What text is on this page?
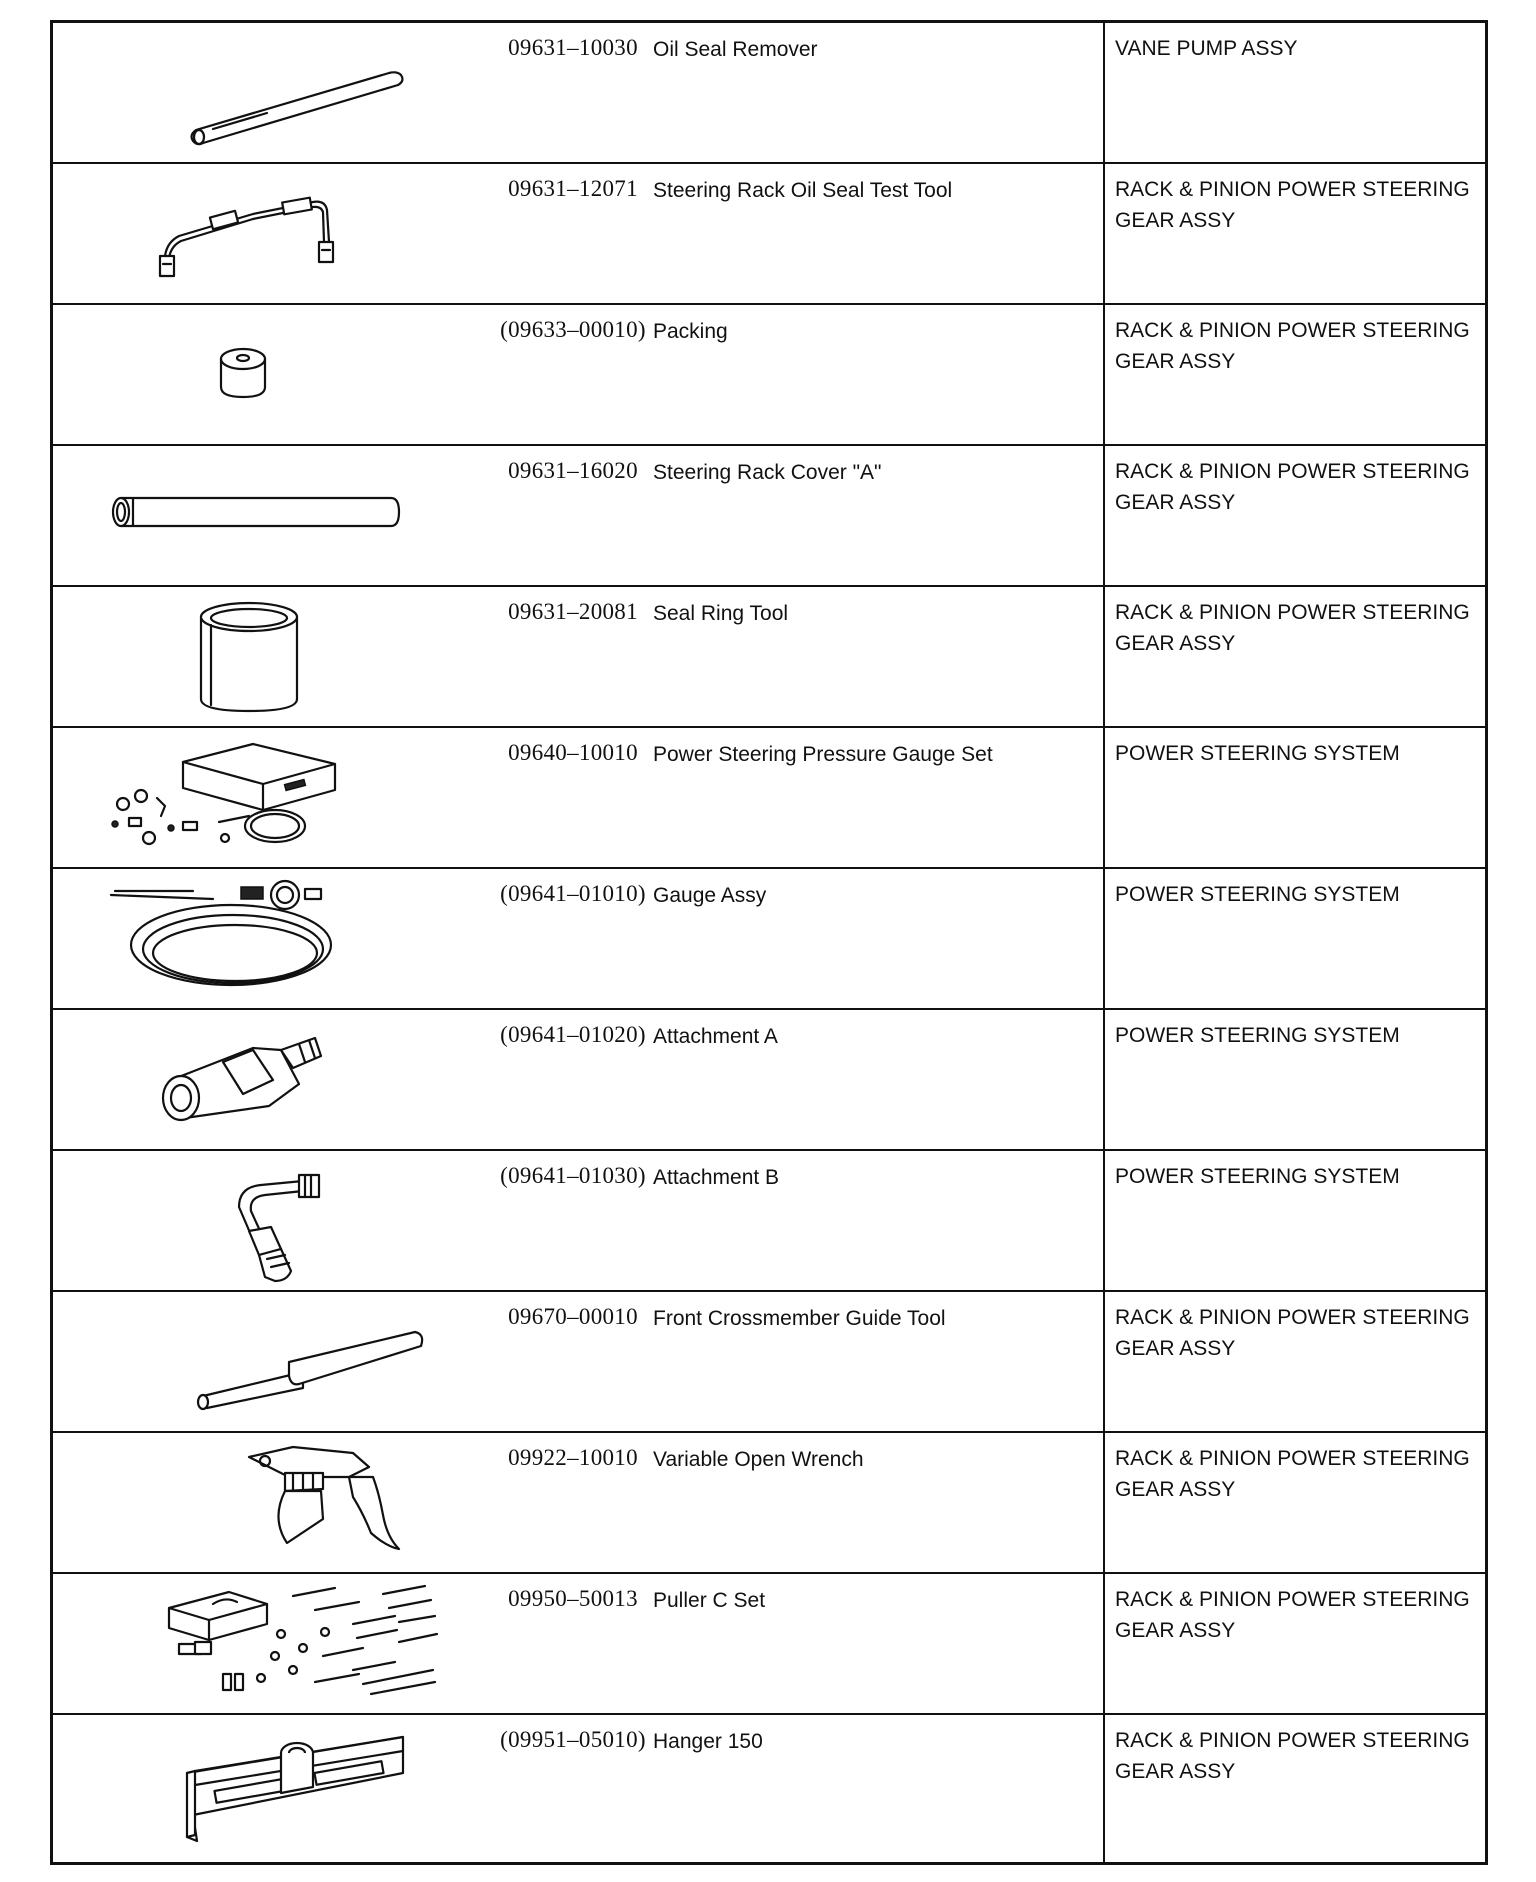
09631–10030 Oil Seal Remover	VANE PUMP ASSY
09631–12071 Steering Rack Oil Seal Test Tool	RACK & PINION POWER STEERING GEAR ASSY
(09633–00010) Packing	RACK & PINION POWER STEERING GEAR ASSY
09631–16020 Steering Rack Cover "A"	RACK & PINION POWER STEERING GEAR ASSY
09631–20081 Seal Ring Tool	RACK & PINION POWER STEERING GEAR ASSY
09640–10010 Power Steering Pressure Gauge Set	POWER STEERING SYSTEM
(09641–01010) Gauge Assy	POWER STEERING SYSTEM
(09641–01020) Attachment A	POWER STEERING SYSTEM
(09641–01030) Attachment B	POWER STEERING SYSTEM
09670–00010 Front Crossmember Guide Tool	RACK & PINION POWER STEERING GEAR ASSY
09922–10010 Variable Open Wrench	RACK & PINION POWER STEERING GEAR ASSY
09950–50013 Puller C Set	RACK & PINION POWER STEERING GEAR ASSY
(09951–05010) Hanger 150	RACK & PINION POWER STEERING GEAR ASSY
